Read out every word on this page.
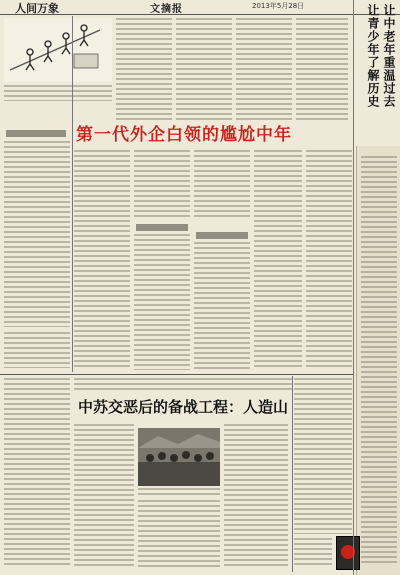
人间万象	文摘报	2013年5月28日
第一代外企白领的尴尬中年
让中老年重温过去
让青少年了解历史
中苏交恶后的备战工程：人造山
